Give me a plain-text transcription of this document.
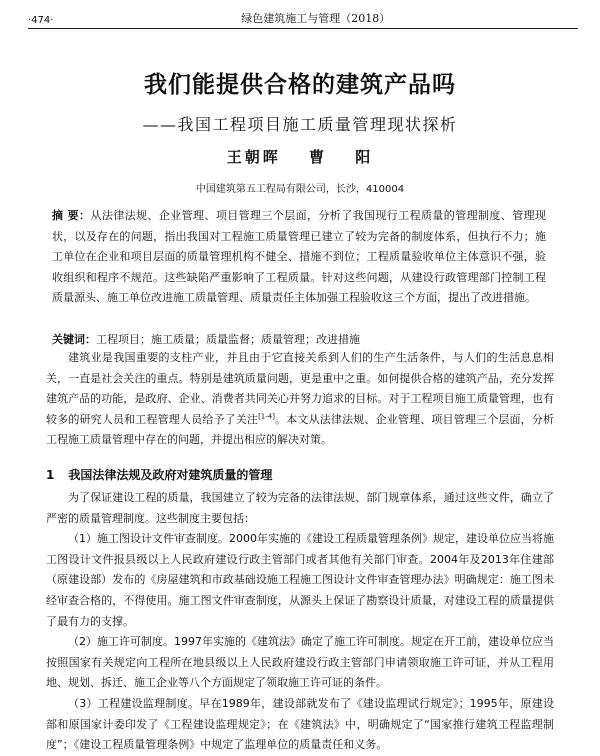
·474·	绿色建筑施工与管理（2018）
我们能提供合格的建筑产品吗
——我国工程项目施工质量管理现状探析
王朝晖 曹 阳
中国建筑第五工程局有限公司，长沙，410004
摘 要：从法律法规、企业管理、项目管理三个层面，分析了我国现行工程质量的管理制度、管理现状，以及存在的问题，指出我国对工程施工质量管理已建立了较为完备的制度体系，但执行不力；施工单位在企业和项目层面的质量管理机构不健全、措施不到位；工程质量验收单位主体意识不强，验收组织和程序不规范。这些缺陷严重影响了工程质量。针对这些问题，从建设行政管理部门控制工程质量源头、施工单位改进施工质量管理、质量责任主体加强工程验收这三个方面，提出了改进措施。
关键词：工程项目；施工质量；质量监督；质量管理；改进措施

建筑业是我国重要的支柱产业，并且由于它直接关系到人们的生产生活条件，与人们的生活息息相关，一直是社会关注的重点。特别是建筑质量问题，更是重中之重。如何提供合格的建筑产品，充分发挥建筑产品的功能，是政府、企业、消费者共同关心并努力追求的目标。对于工程项目施工质量管理，也有较多的研究人员和工程管理人员给予了关注[1-4]。本文从法律法规、企业管理、项目管理三个层面，分析工程施工质量管理中存在的问题，并提出相应的解决对策。

1 我国法律法规及政府对建筑质量的管理

为了保证建设工程的质量，我国建立了较为完备的法律法规、部门规章体系，通过这些文件，确立了严密的质量管理制度。这些制度主要包括：

（1）施工图设计文件审查制度。2000年实施的《建设工程质量管理条例》规定，建设单位应当将施工图设计文件报县级以上人民政府建设行政主管部门或者其他有关部门审查。2004年及2013年住建部（原建设部）发布的《房屋建筑和市政基础设施工程施工图设计文件审查管理办法》明确规定：施工图未经审查合格的，不得使用。施工图文件审查制度，从源头上保证了勘察设计质量，对建设工程的质量提供了最有力的支撑。

（2）施工许可制度。1997年实施的《建筑法》确定了施工许可制度。规定在开工前，建设单位应当按照国家有关规定向工程所在地县级以上人民政府建设行政主管部门申请领取施工许可证，并从工程用地、规划、拆迁、施工企业等八个方面规定了领取施工许可证的条件。

（3）工程建设监理制度。早在1989年，建设部就发布了《建设监理试行规定》；1995年，原建设部和原国家计委印发了《工程建设监理规定》；在《建筑法》中，明确规定了“国家推行建筑工程监理制度”；《建设工程质量管理条例》中规定了监理单位的质量责任和义务。
